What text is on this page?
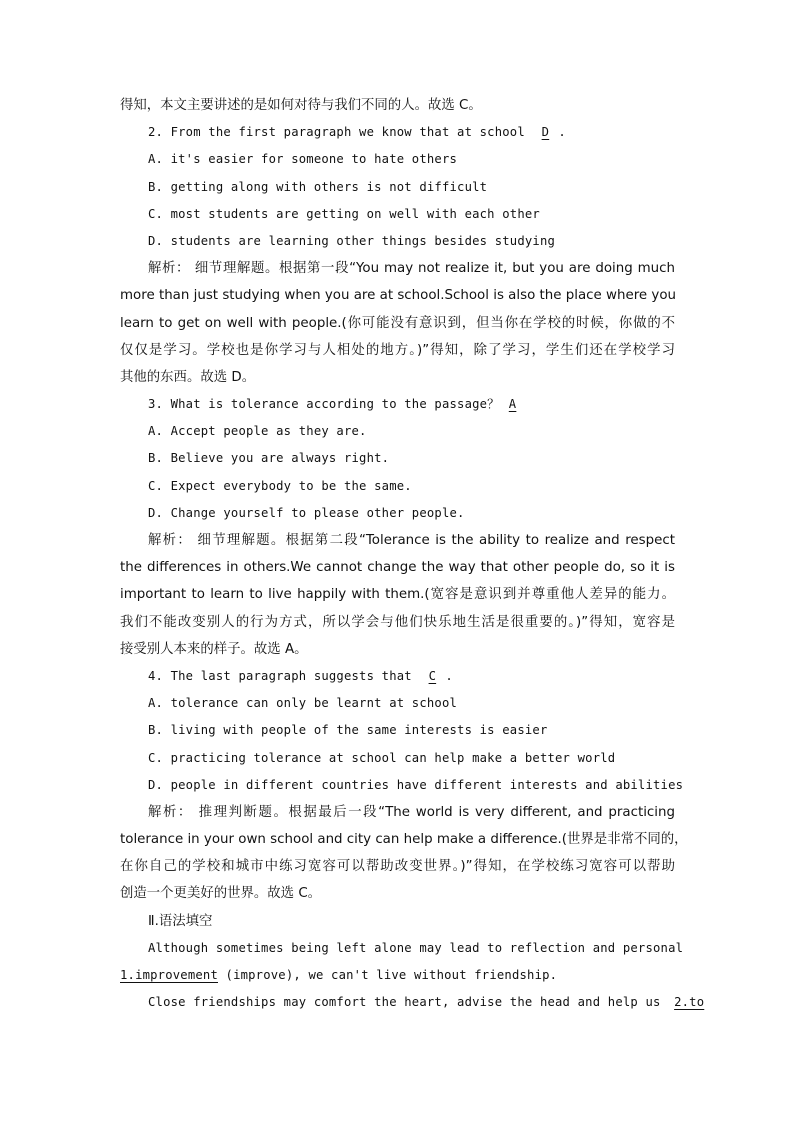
得知，本文主要讲述的是如何对待与我们不同的人。故选 C。
2. From the first paragraph we know that at school D .
A. it's easier for someone to hate others
B. getting along with others is not difficult
C. most students are getting on well with each other
D. students are learning other things besides studying
解析： 细节理解题。根据第一段“You may not realize it, but you are doing much
more than just studying when you are at school.School is also the place where you
learn to get on well with people.(你可能没有意识到，但当你在学校的时候，你做的不
仅仅是学习。学校也是你学习与人相处的地方。)”得知，除了学习，学生们还在学校学习
其他的东西。故选 D。
3. What is tolerance according to the passage？ A
A. Accept people as they are.
B. Believe you are always right.
C. Expect everybody to be the same.
D. Change yourself to please other people.
解析： 细节理解题。根据第二段“Tolerance is the ability to realize and respect
the differences in others.We cannot change the way that other people do, so it is
important to learn to live happily with them.(宽容是意识到并尊重他人差异的能力。
我们不能改变别人的行为方式，所以学会与他们快乐地生活是很重要的。)”得知，宽容是
接受别人本来的样子。故选 A。
4. The last paragraph suggests that C .
A. tolerance can only be learnt at school
B. living with people of the same interests is easier
C. practicing tolerance at school can help make a better world
D. people in different countries have different interests and abilities
解析： 推理判断题。根据最后一段“The world is very different, and practicing
tolerance in your own school and city can help make a difference.(世界是非常不同的，
在你自己的学校和城市中练习宽容可以帮助改变世界。)”得知，在学校练习宽容可以帮助
创造一个更美好的世界。故选 C。
Ⅱ.语法填空
Although sometimes being left alone may lead to reflection and personal
1.improvement (improve), we can't live without friendship.
Close friendships may comfort the heart, advise the head and help us 2.to
